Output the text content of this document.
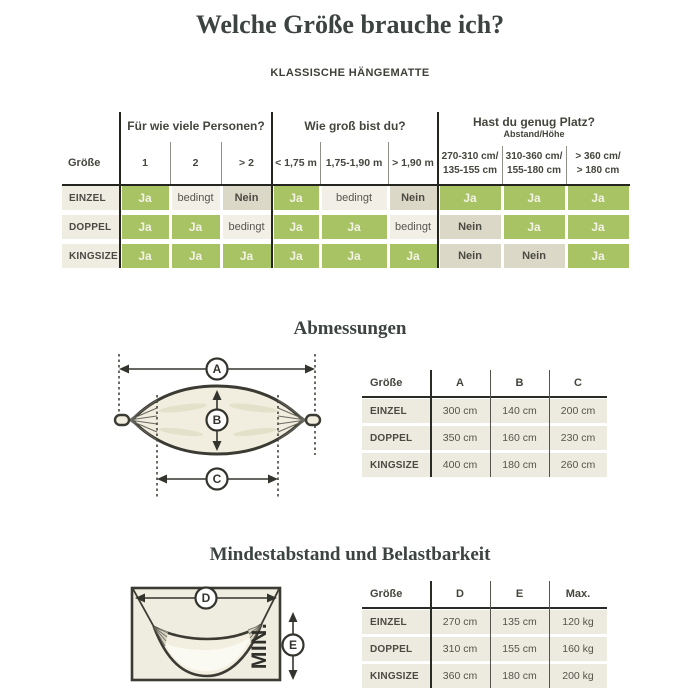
Welche Größe brauche ich?
KLASSISCHE HÄNGEMATTE
Für wie viele Personen?	Wie groß bist du?	Hast du genug Platz?
Abstand/Höhe
Größe	1	2	> 2	< 1,75 m 1,75-1,90 m > 1,90 m
270-310 cm/
135-155 cm
310-360 cm/
155-180 cm
> 360 cm/
> 180 cm
EINZEL	Ja	bedingt	Nein	Ja	bedingt	Nein	Ja	Ja	Ja
DOPPEL	Ja	Ja	bedingt	Ja	Ja	bedingt	Nein	Ja	Ja
KINGSIZE	Ja	Ja	Ja	Ja	Ja	Ja	Nein	Nein	Ja
Abmessungen
A
B
C
Größe	A	B	C
EINZEL	300 cm	140 cm	200 cm
DOPPEL	350 cm	160 cm	230 cm
KINGSIZE	400 cm	180 cm	260 cm
Mindestabstand und Belastbarkeit
D
MIN. E
Größe	D	E	Max.
EINZEL	270 cm	135 cm	120 kg
DOPPEL	310 cm	155 cm	160 kg
KINGSIZE	360 cm	180 cm	200 kg
